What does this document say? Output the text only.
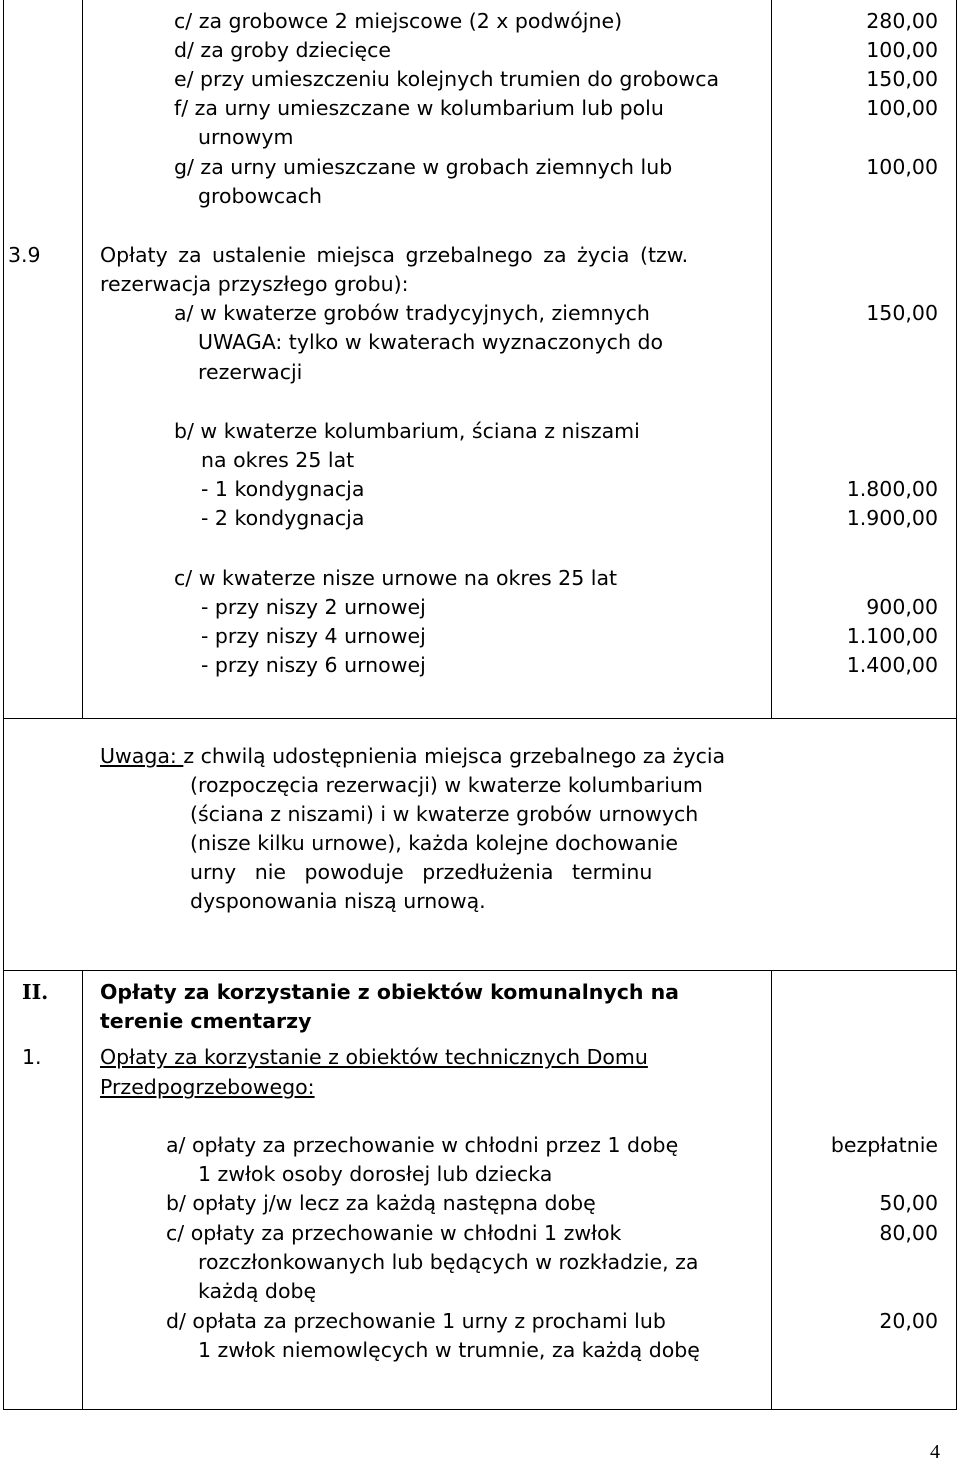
c/ za grobowce 2 miejscowe (2 x podwójne)	280,00
d/ za groby dziecięce	100,00
e/ przy umieszczeniu kolejnych trumien do grobowca	150,00
f/ za urny umieszczane w kolumbarium lub polu	100,00
urnowym
g/ za urny umieszczane w grobach ziemnych lub	100,00
grobowcach
3.9	Opłaty za ustalenie miejsca grzebalnego za życia (tzw.
rezerwacja przyszłego grobu):
a/ w kwaterze grobów tradycyjnych, ziemnych	150,00
UWAGA: tylko w kwaterach wyznaczonych do
rezerwacji
b/ w kwaterze kolumbarium, ściana z niszami
na okres 25 lat
- 1 kondygnacja	1.800,00
- 2 kondygnacja	1.900,00
c/ w kwaterze nisze urnowe na okres 25 lat
- przy niszy 2 urnowej	900,00
- przy niszy 4 urnowej	1.100,00
- przy niszy 6 urnowej	1.400,00
Uwaga: z chwilą udostępnienia miejsca grzebalnego za życia
(rozpoczęcia rezerwacji) w kwaterze kolumbarium
(ściana z niszami) i w kwaterze grobów urnowych
(nisze kilku urnowe), każda kolejne dochowanie
urny nie powoduje przedłużenia terminu
dysponowania niszą urnową.
II.	Opłaty za korzystanie z obiektów komunalnych na
terenie cmentarzy
1.	Opłaty za korzystanie z obiektów technicznych Domu
Przedpogrzebowego:
a/ opłaty za przechowanie w chłodni przez 1 dobę	bezpłatnie
1 zwłok osoby dorosłej lub dziecka
b/ opłaty j/w lecz za każdą następna dobę	50,00
c/ opłaty za przechowanie w chłodni 1 zwłok	80,00
rozczłonkowanych lub będących w rozkładzie, za
każdą dobę
d/ opłata za przechowanie 1 urny z prochami lub	20,00
1 zwłok niemowlęcych w trumnie, za każdą dobę
4
